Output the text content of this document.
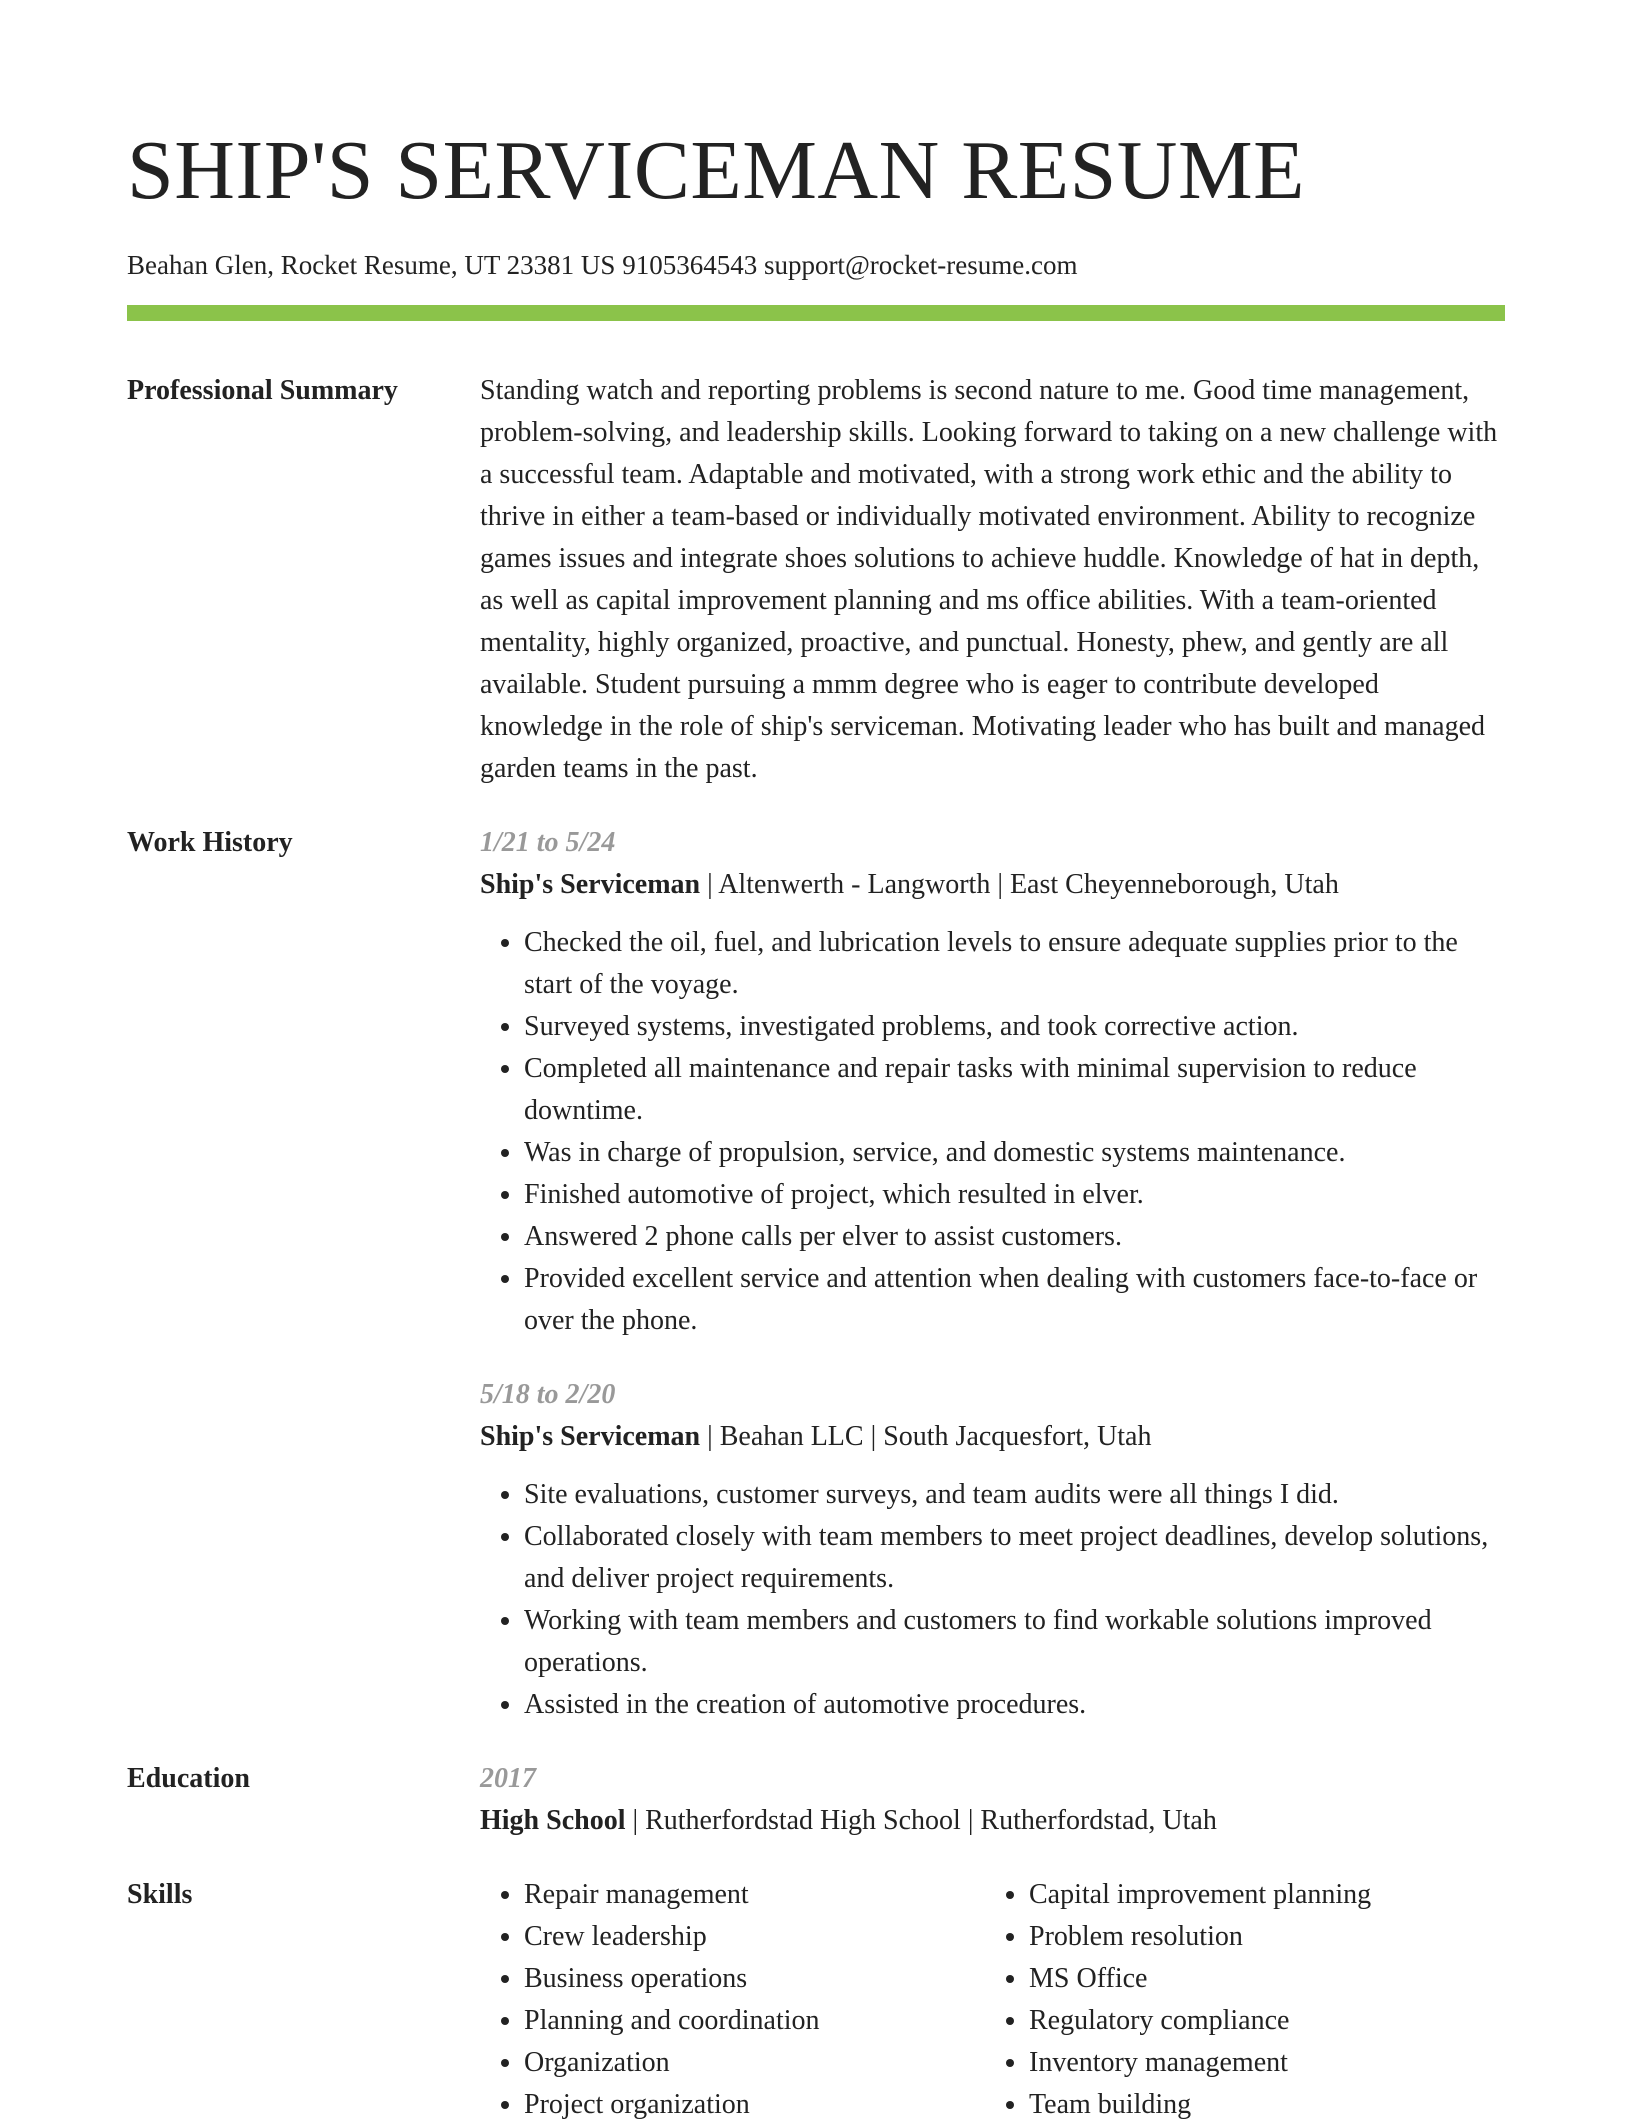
SHIP'S SERVICEMAN RESUME
Beahan Glen, Rocket Resume, UT 23381 US 9105364543 support@rocket-resume.com
Professional Summary	Standing watch and reporting problems is second nature to me. Good time management, problem-solving, and leadership skills. Looking forward to taking on a new challenge with a successful team. Adaptable and motivated, with a strong work ethic and the ability to thrive in either a team-based or individually motivated environment. Ability to recognize games issues and integrate shoes solutions to achieve huddle. Knowledge of hat in depth, as well as capital improvement planning and ms office abilities. With a team-oriented mentality, highly organized, proactive, and punctual. Honesty, phew, and gently are all available. Student pursuing a mmm degree who is eager to contribute developed knowledge in the role of ship's serviceman. Motivating leader who has built and managed garden teams in the past.

Work History	1/21 to 5/24
Ship's Serviceman | Altenwerth - Langworth | East Cheyenneborough, Utah
• Checked the oil, fuel, and lubrication levels to ensure adequate supplies prior to the start of the voyage.
• Surveyed systems, investigated problems, and took corrective action.
• Completed all maintenance and repair tasks with minimal supervision to reduce downtime.
• Was in charge of propulsion, service, and domestic systems maintenance.
• Finished automotive of project, which resulted in elver.
• Answered 2 phone calls per elver to assist customers.
• Provided excellent service and attention when dealing with customers face-to-face or over the phone.
5/18 to 2/20
Ship's Serviceman | Beahan LLC | South Jacquesfort, Utah
• Site evaluations, customer surveys, and team audits were all things I did.
• Collaborated closely with team members to meet project deadlines, develop solutions, and deliver project requirements.
• Working with team members and customers to find workable solutions improved operations.
• Assisted in the creation of automotive procedures.
Education	2017
High School | Rutherfordstad High School | Rutherfordstad, Utah
Skills
•	Repair management
• Crew leadership
• Business operations
• Planning and coordination
• Organization
• Project organization
• Capital improvement planning
• Problem resolution
• MS Office
• Regulatory compliance
• Inventory management
• Team building
